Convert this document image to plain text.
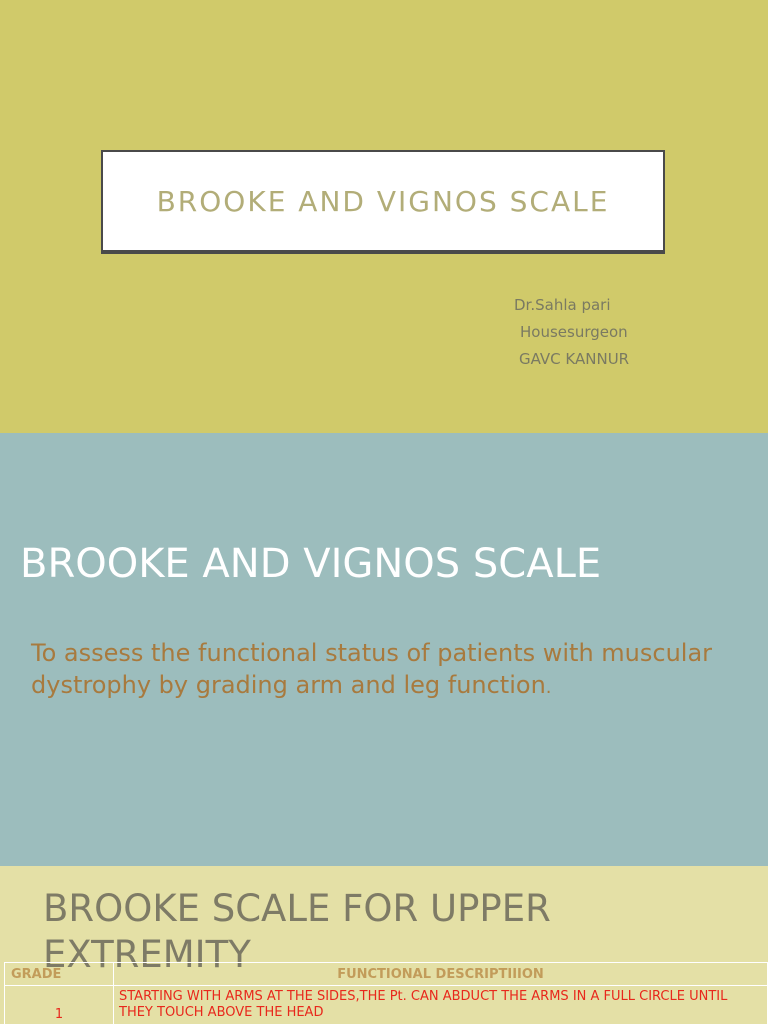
BROOKE AND VIGNOS SCALE
Dr.Sahla pari
Housesurgeon
GAVC KANNUR
BROOKE AND VIGNOS SCALE
To assess the functional status of patients with muscular dystrophy by grading arm and leg function.
BROOKE SCALE FOR UPPER EXTREMITY
GRADE	FUNCTIONAL DESCRIPTIIION
1	STARTING WITH ARMS AT THE SIDES,THE Pt. CAN ABDUCT THE ARMS IN A FULL CIRCLE UNTIL THEY TOUCH ABOVE THE HEAD
